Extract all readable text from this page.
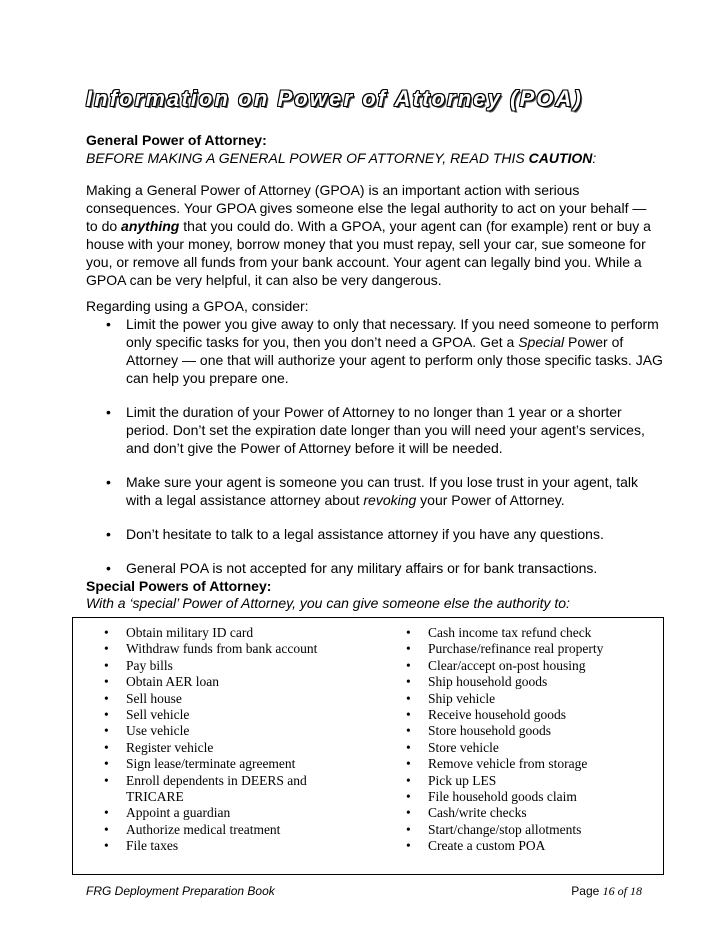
Information on Power of Attorney (POA)
General Power of Attorney:
BEFORE MAKING A GENERAL POWER OF ATTORNEY, READ THIS CAUTION:
Making a General Power of Attorney (GPOA) is an important action with serious consequences. Your GPOA gives someone else the legal authority to act on your behalf — to do anything that you could do. With a GPOA, your agent can (for example) rent or buy a house with your money, borrow money that you must repay, sell your car, sue someone for you, or remove all funds from your bank account. Your agent can legally bind you. While a GPOA can be very helpful, it can also be very dangerous.
Regarding using a GPOA, consider:
• Limit the power you give away to only that necessary. If you need someone to perform only specific tasks for you, then you don’t need a GPOA. Get a Special Power of Attorney — one that will authorize your agent to perform only those specific tasks. JAG can help you prepare one.
• Limit the duration of your Power of Attorney to no longer than 1 year or a shorter period. Don’t set the expiration date longer than you will need your agent’s services, and don’t give the Power of Attorney before it will be needed.
• Make sure your agent is someone you can trust. If you lose trust in your agent, talk with a legal assistance attorney about revoking your Power of Attorney.
• Don’t hesitate to talk to a legal assistance attorney if you have any questions.
• General POA is not accepted for any military affairs or for bank transactions.
Special Powers of Attorney:
With a ‘special’ Power of Attorney, you can give someone else the authority to:
• Obtain military ID card
• Withdraw funds from bank account
• Pay bills
• Obtain AER loan
• Sell house
• Sell vehicle
• Use vehicle
• Register vehicle
• Sign lease/terminate agreement
• Enroll dependents in DEERS and TRICARE
• Appoint a guardian
• Authorize medical treatment
• File taxes
• Cash income tax refund check
• Purchase/refinance real property
• Clear/accept on-post housing
• Ship household goods
• Ship vehicle
• Receive household goods
• Store household goods
• Store vehicle
• Remove vehicle from storage
• Pick up LES
• File household goods claim
• Cash/write checks
• Start/change/stop allotments
• Create a custom POA
FRG Deployment Preparation Book	Page 16 of 18
